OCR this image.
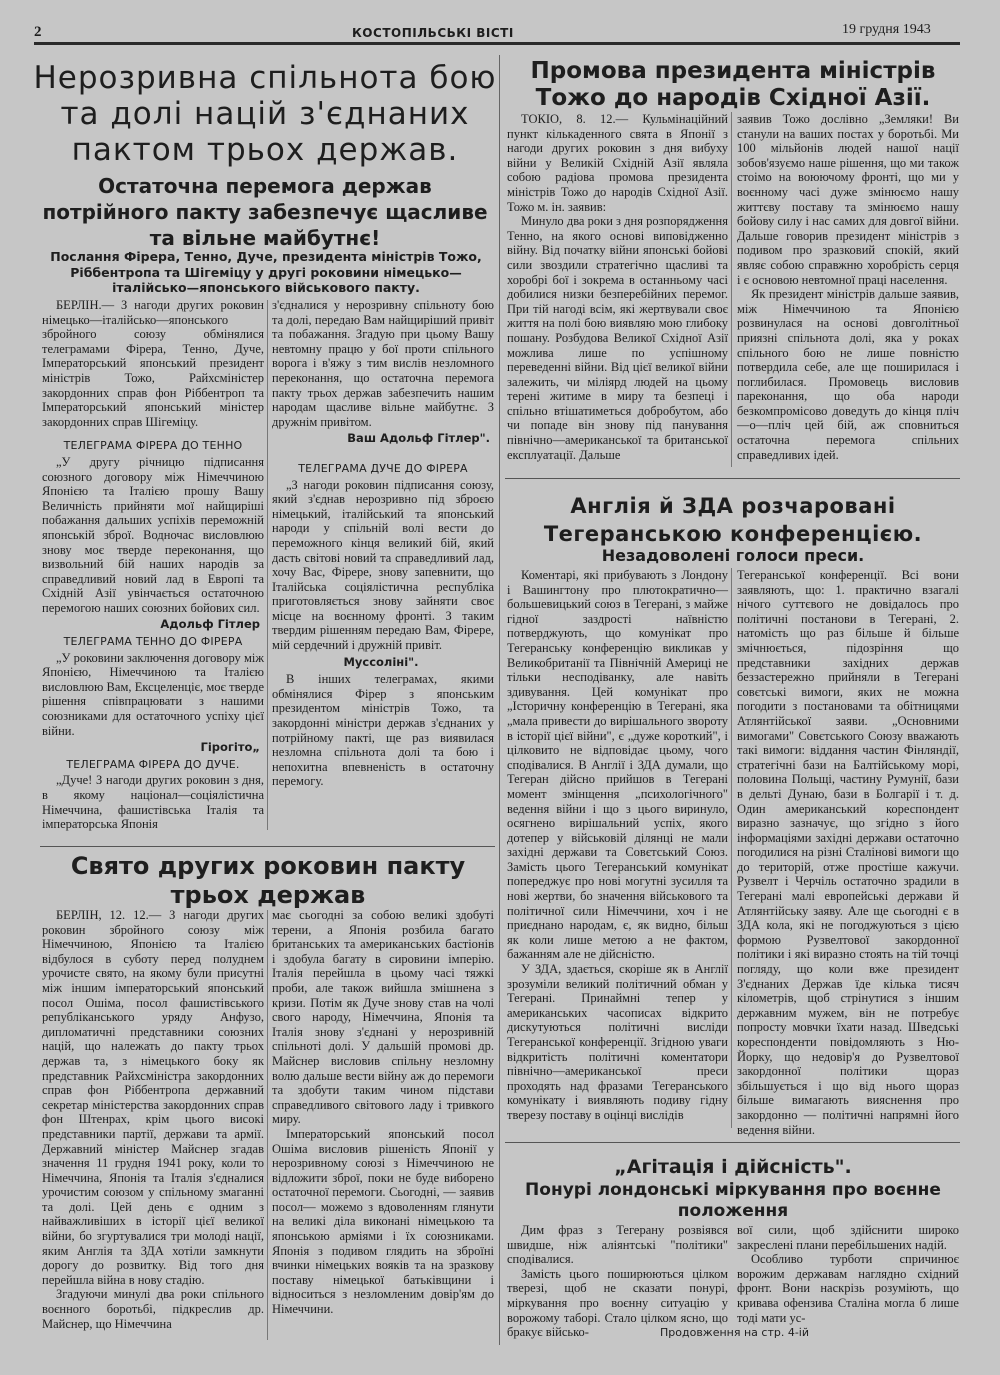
2	КОСТОПІЛЬСЬКІ ВІСТІ	19 грудня 1943
Нерозривна спільнота бою та долі націй з'єднаних пактом трьох держав.
Остаточна перемога держав потрійного пакту забезпечує щасливе та вільне майбутнє!
Послання Фірера, Тенно, Дуче, президента міністрів Тожо, Ріббентропа та Шігеміцу у другі роковини німецько—італійсько—японського військового пакту.

БЕРЛІН.— З нагоди других роковин німецько—італійсько—японського збройного союзу обмінялися телеграмами Фірера, Тенно, Дуче, Імператорський японський президент міністрів Тожо, Райхсміністер закордонних справ фон Ріббентроп та Імператорський японський міністер закордонних справ Шігеміцу.

ТЕЛЕГРАМА ФІРЕРА ДО ТЕННО

„У другу річницю підписання союзного договору між Німеччиною Японією та Італією прошу Вашу Величність прийняти мої найщиріші побажання дальших успіхів переможній японській зброї. Водночас висловлюю знову моє тверде переконання, що визвольний бій наших народів за справедливий новий лад в Европі та Східній Азії увінчається остаточною перемогою наших союзних бойових сил.

Адольф Гітлер

ТЕЛЕГРАМА ТЕННО ДО ФІРЕРА

„У роковини заключення договору між Японією, Німеччиною та Італією висловлюю Вам, Ексцеленціє, моє тверде рішення співпрацювати з нашими союзниками для остаточного успіху цієї війни.

Гірогіто„

ТЕЛЕГРАМА ФІРЕРА ДО ДУЧЕ.

„Дуче! З нагоди других роковин з дня, в якому націонал—соціялістична Німеччина, фашистівська Італія та імператорська Японія

з'єдналися у нерозривну спільноту бою та долі, передаю Вам найщиріший привіт та побажання. Згадую при цьому Вашу невтомну працю у бої проти спільного ворога і в'яжу з тим вислів незломного переконання, що остаточна перемога пакту трьох держав забезпечить нашим народам щасливе вільне майбутнє. З дружнім привітом.

Ваш Адольф Гітлер".

ТЕЛЕГРАМА ДУЧЕ ДО ФІРЕРА

„З нагоди роковин підписання союзу, який з'єднав нерозривно під зброєю німецький, італійський та японський народи у спільній волі вести до переможного кінця великий бій, який дасть світові новий та справедливий лад, хочу Вас, Фірере, знову запевнити, що Італійська соціялістична республіка приготовляється знову зайняти своє місце на воєнному фронті. З таким твердим рішенням передаю Вам, Фірере, мій сердечний і дружній привіт.

Муссоліні".

В інших телеграмах, якими обмінялися Фірер з японським президентом міністрів Тожо, та закордонні міністри держав з'єднаних у потрійному пакті, ще раз виявилася незломна спільнота долі та бою і непохитна впевненість в остаточну перемогу.

Свято других роковин пакту трьох держав

БЕРЛІН, 12. 12.— З нагоди других роковин збройного союзу між Німеччиною, Японією та Італією відбулося в суботу перед полуднем урочисте свято, на якому були присутні між іншим імператорський японський посол Ошіма, посол фашистівського републіканського уряду Анфузо, дипломатичні представники союзних націй, що належать до пакту трьох держав та, з німецького боку як представник Райхсміністра закордонних справ фон Ріббентропа державний секретар міністерства закордонних справ фон Штенрах, крім цього високі представники партії, держави та армії. Державний міністер Майснер згадав значення 11 грудня 1941 року, коли то Німеччина, Японія та Італія з'єдналися урочистим союзом у спільному змаганні та долі. Цей день є одним з найважливіших в історії цієї великої війни, бо згуртувалися три молоді нації, яким Англія та ЗДА хотіли замкнути дорогу до розвитку. Від того дня перейшла війна в нову стадію.

Згадуючи минулі два роки спільного воєнного боротьбі, підкреслив др. Майснер, що Німеччина

має сьогодні за собою великі здобуті терени, а Японія розбила багато британських та американських бастіонів і здобула багату в сировини імперію. Італія перейшла в цьому часі тяжкі проби, але також вийшла змішнена з кризи. Потім як Дуче знову став на чолі свого народу, Німеччина, Японія та Італія знову з'єднані у нерозривній спільноті долі. У дальшій промові др. Майснер висловив спільну незломну волю дальше вести війну аж до перемоги та здобути таким чином підстави справедливого світового ладу і тривкого миру.

Імператорський японський посол Ошіма висловив рішеність Японії у нерозривному союзі з Німеччиною не відложити зброї, поки не буде виборено остаточної перемоги. Сьогодні, — заявив посол— можемо з вдоволенням глянути на великі діла виконані німецькою та японською арміями і їх союзниками. Японія з подивом глядить на зброїні вчинки німецьких вояків та на зразкову поставу німецької батьківщини і відноситься з незломленим довір'ям до Німеччини.

Промова президента міністрів Тожо до народів Східної Азії.

ТОКІО, 8. 12.— Кульмінаційний пункт кількаденного свята в Японії з нагоди других роковин з дня вибуху війни у Великій Східній Азії являла собою радіова промова президента міністрів Тожо до народів Східної Азії. Тожо м. ін. заявив:

Минуло два роки з дня розпорядження Тенно, на якого основі виповідженно війну. Від початку війни японські бойові сили звоздили стратегічно щасливі та хоробрі бої і зокрема в останньому часі добилися низки безперебійних перемог. При тій нагоді всім, які жертвували своє життя на полі бою виявляю мою глибоку пошану. Розбудова Великої Східної Азії можлива лише по успішному переведенні війни. Від цієї великої війни залежить, чи міліярд людей на цьому терені житиме в миру та безпеці і спільно втішатиметься добробутом, або чи попаде він знову під панування північно—американської та британської експлуатації. Дальше

заявив Тожо дослівно „Земляки! Ви станули на ваших постах у боротьбі. Ми 100 мільйонів людей нашої нації зобов'язуємо наше рішення, що ми також стоімо на воюючому фронті, що ми у воєнному часі дуже змінюємо нашу життєву поставу та змінюємо нашу бойову силу і нас самих для довгої війни. Дальше говорив президент міністрів з подивом про зразковий спокій, який являє собою справжню хоробрість серця і є основою невтомної праці населення.

Як президент міністрів дальше заявив, між Німеччиною та Японією розвинулася на основі довголітньої приязні спільнота долі, яка у роках спільного бою не лише повністю потвердила себе, але ще поширилася і поглибилася. Промовець висловив пареконання, що оба народи безкомпромісово доведуть до кінця пліч—о—пліч цей бій, аж сповниться остаточна перемога спільних справедливих ідей.

Англія й ЗДА розчаровані Тегеранською конференцією.
Незадоволені голоси преси.

Коментарі, які прибувають з Лондону і Вашингтону про плютократично—большевицький союз в Тегерані, з майже гідної заздрості наївністю потверджують, що комунікат про Тегеранську конференцію викликав у Великобританії та Північній Америці не тільки несподіванку, але навіть здивування. Цей комунікат про „Історичну конференцію в Тегерані, яка „мала привести до вирішального звороту в історії цієї війни", є „дуже короткий", і цілковито не відповідає цьому, чого сподівалися. В Англії і ЗДА думали, що Тегеран дійсно прийшов в Тегерані момент змінщення „психологічного" ведення війни і що з цього виринуло, осягнено вирішальний успіх, якого дотепер у військовій ділянці не мали західні держави та Совєтський Союз. Замість цього Тегеранський комунікат попереджує про нові могутні зусилля та нові жертви, бо значення військового та політичної сили Німеччини, хоч і не приєднано народам, є, як видно, більш як коли лише метою а не фактом, бажанням але не дійсністю.

У ЗДА, здається, скоріше як в Англії зрозуміли великий політичний обман у Тегерані. Принаймні тепер у американських часописах відкрито дискутуються політичні висліди Тегеранської конференції. Згідною уваги відкритість політичні коментатори північно—американської преси проходять над фразами Тегеранського комунікату і виявляють подиву гідну тверезу поставу в оцінці вислідів

Тегеранської конференції. Всі вони заявляють, що: 1. практично взагалі нічого суттєвого не довідалось про політичні постанови в Тегерані, 2. натомість що раз більше й більше змічнюється, підозріння що представники західних держав беззастережно прийняли в Тегерані совєтські вимоги, яких не можна погодити з постановами та обітницями Атлянтійської заяви. „Основними вимогами" Совєтського Союзу вважають такі вимоги: віддання частин Фінляндії, стратегічні бази на Балтійському морі, половина Польщі, частину Румунії, бази в дельті Дунаю, бази в Болгарії і т. д. Один американський кореспондент виразно зазначує, що згідно з його інформаціями західні держави остаточно погодилися на різні Сталінові вимоги що до територій, отже простіше кажучи. Рузвелт і Черчіль остаточно зрадили в Тегерані малі европейські держави й Атлянтійську заяву. Але ще сьогодні є в ЗДА кола, які не погоджуються з цією формою Рузвелтової закордонної політики і які виразно стоять на тій точці погляду, що коли вже президент З'єднаних Держав їде кілька тисяч кілометрів, щоб стрінутися з іншим державним мужем, він не потребує попросту мовчки їхати назад. Шведські кореспонденти повідомляють з Ню-Йорку, що недовір'я до Рузвелтової закордонної політики щораз збільшується і що від нього щораз більше вимагають вияснення про закордонно — політичні напрямні його ведення війни.

„Агітація і дійсність".
Понурі лондонські міркування про воєнне положення

Дим фраз з Тегерану розвіявся швидше, ніж аліянтські "політики" сподівалися.

Замість цього поширюються цілком тверезі, щоб не сказати понурі, міркування про воєнну ситуацію у ворожому таборі. Стало цілком ясно, що бракує військо-

вої сили, щоб здійснити широко закреслені плани перебільшених надій.

Особливо турботи спричинює ворожим державам наглядно східний фронт. Вони наскрізь розуміють, що кривава офензива Сталіна могла б лише тоді мати ус-

Продовження на стр. 4-ій
